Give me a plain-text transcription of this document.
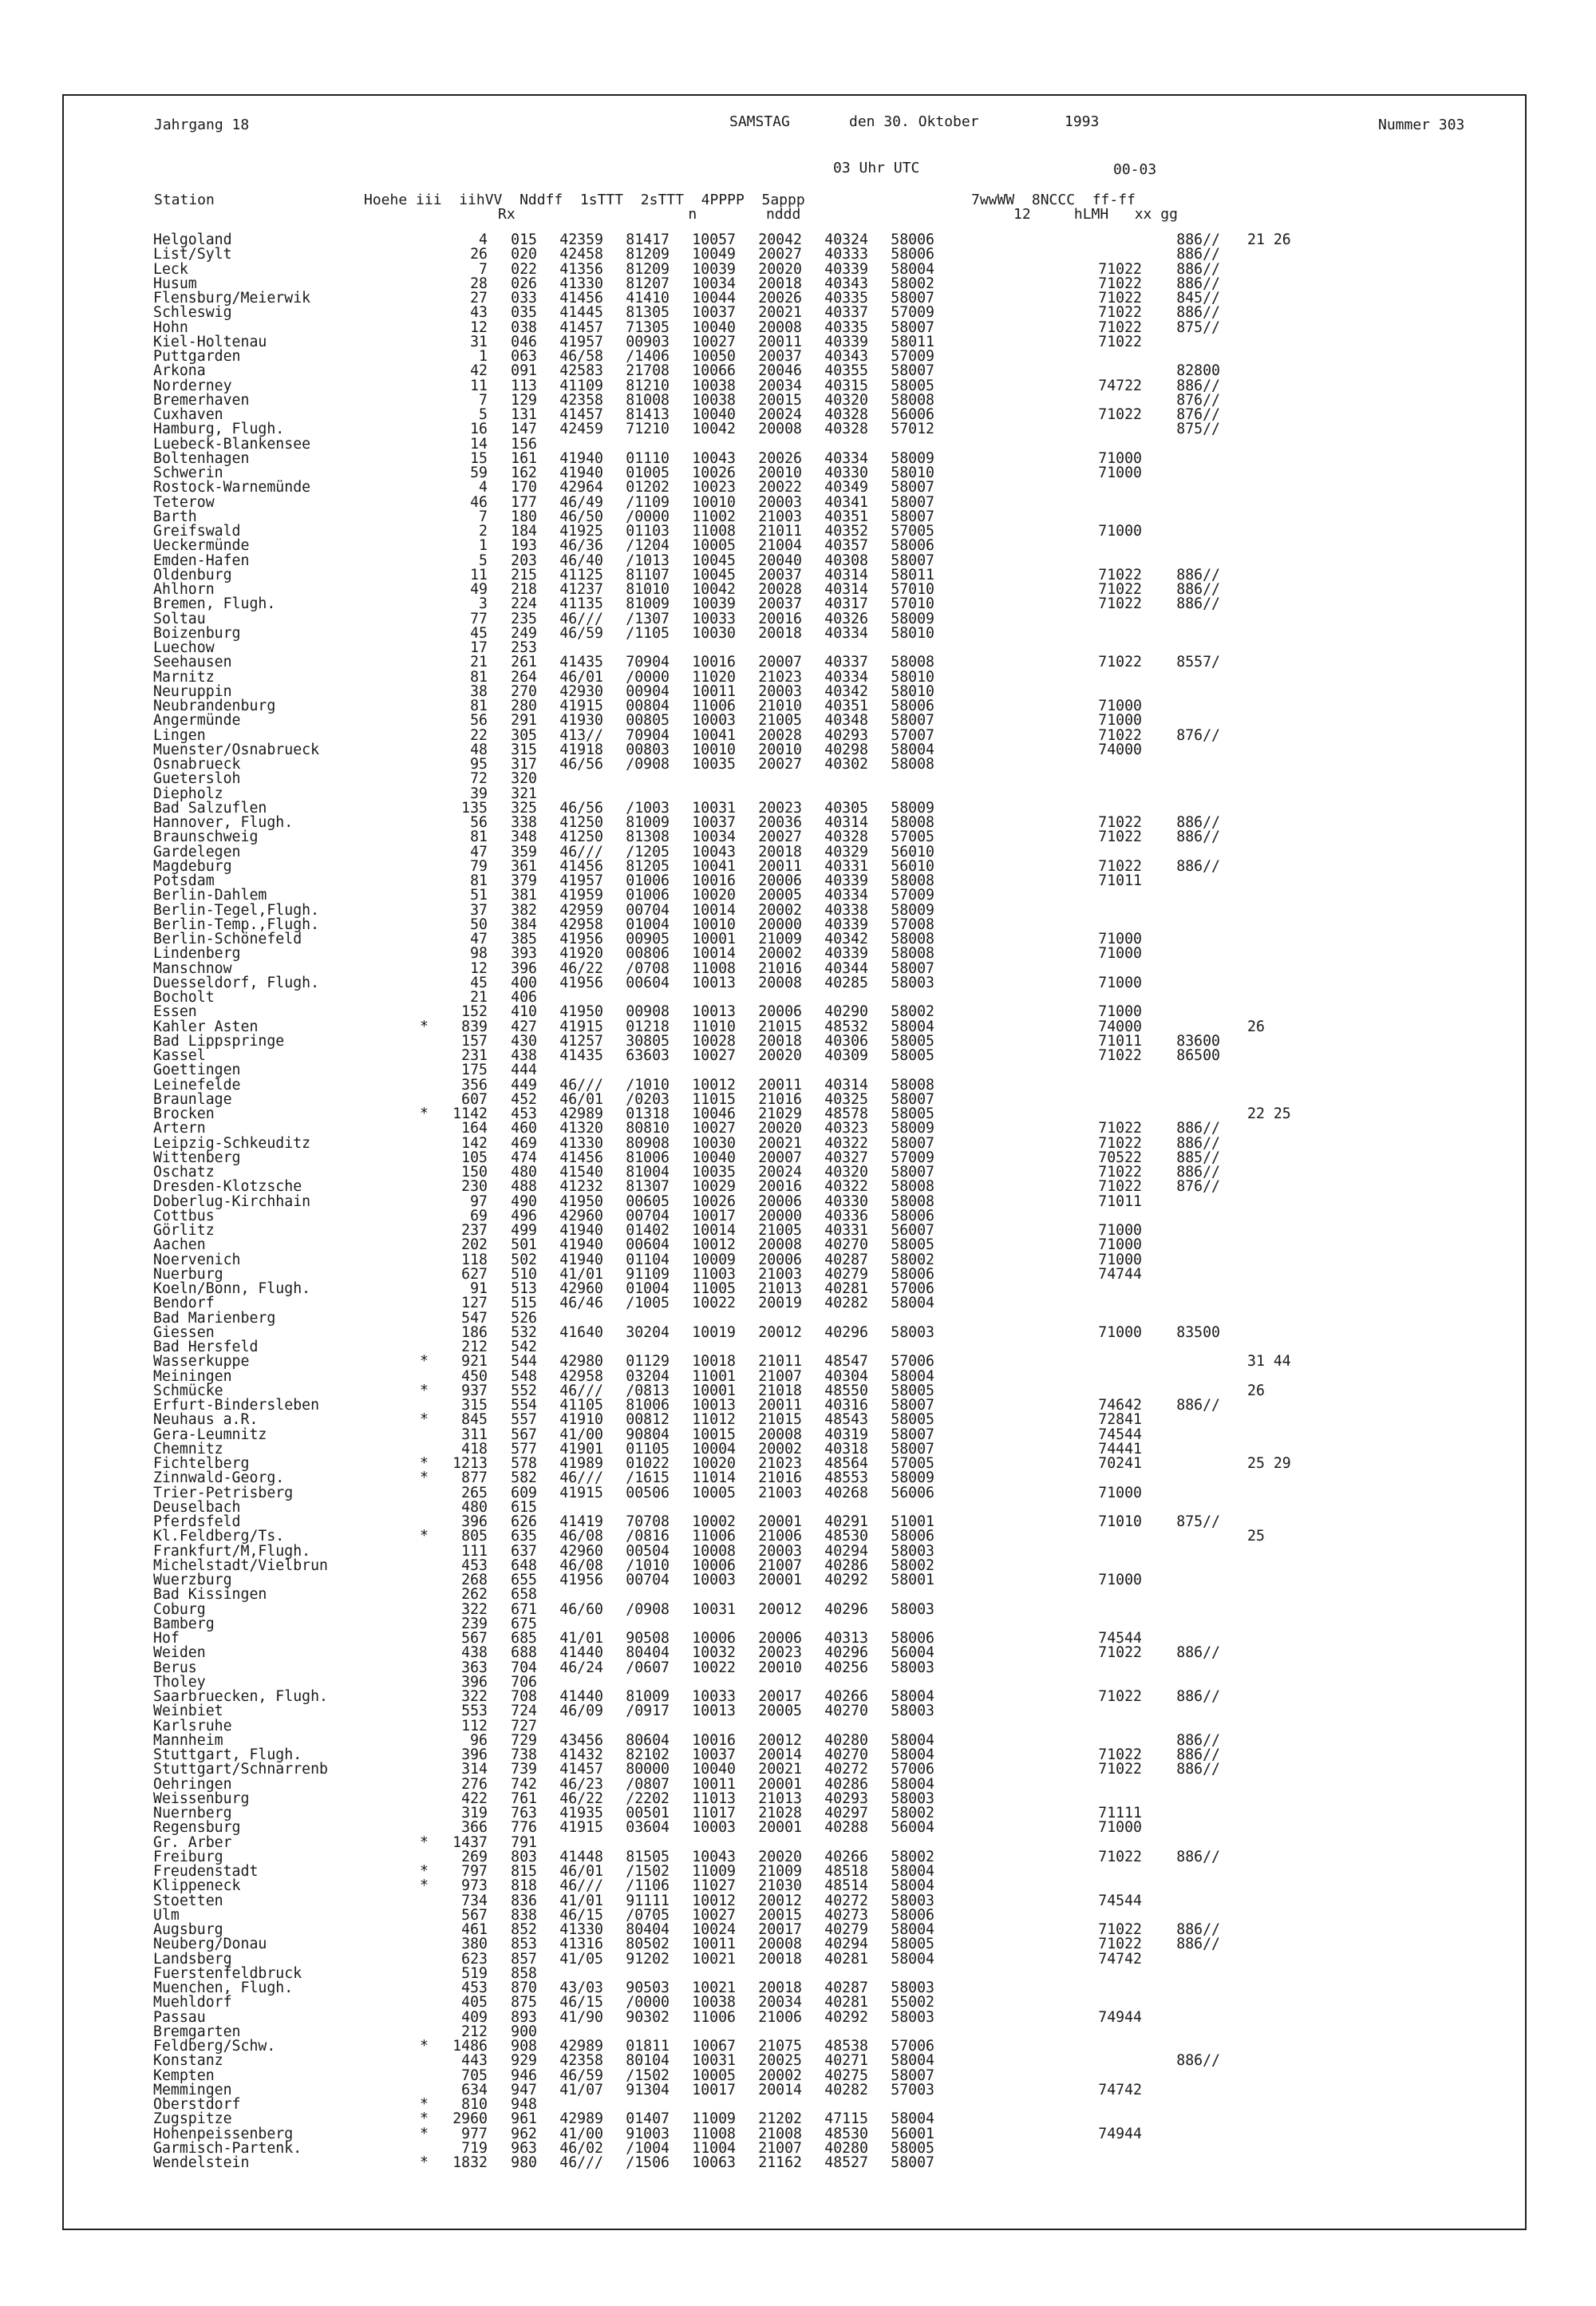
Jahrgang 18	SAMSTAG	den 30. Oktober	1993	Nummer 303
03 Uhr UTC	00-03
Station	Hoehe iii  iihVV  Nddff  1sTTT  2sTTT  4PPPP  5appp
Rx                    n        nddd
7wwWW  8NCCC  ff-ff
12     hLMH   xx gg
Helgoland		4	015	42359	81417	10057	20042	40324	58006		886//	21 26
List/Sylt		26	020	42458	81209	10049	20027	40333	58006		886//	
Leck		7	022	41356	81209	10039	20020	40339	58004	71022	886//	
Husum		28	026	41330	81207	10034	20018	40343	58002	71022	886//	
Flensburg/Meierwik		27	033	41456	41410	10044	20026	40335	58007	71022	845//	
Schleswig		43	035	41445	81305	10037	20021	40337	57009	71022	886//	
Hohn		12	038	41457	71305	10040	20008	40335	58007	71022	875//	
Kiel-Holtenau		31	046	41957	00903	10027	20011	40339	58011	71022		
Puttgarden		1	063	46/58	/1406	10050	20037	40343	57009			
Arkona		42	091	42583	21708	10066	20046	40355	58007		82800	
Norderney		11	113	41109	81210	10038	20034	40315	58005	74722	886//	
Bremerhaven		7	129	42358	81008	10038	20015	40320	58008		876//	
Cuxhaven		5	131	41457	81413	10040	20024	40328	56006	71022	876//	
Hamburg, Flugh.		16	147	42459	71210	10042	20008	40328	57012		875//	
Luebeck-Blankensee		14	156									
Boltenhagen		15	161	41940	01110	10043	20026	40334	58009	71000		
Schwerin		59	162	41940	01005	10026	20010	40330	58010	71000		
Rostock-Warnemünde		4	170	42964	01202	10023	20022	40349	58007			
Teterow		46	177	46/49	/1109	10010	20003	40341	58007			
Barth		7	180	46/50	/0000	11002	21003	40351	58007			
Greifswald		2	184	41925	01103	11008	21011	40352	57005	71000		
Ueckermünde		1	193	46/36	/1204	10005	21004	40357	58006			
Emden-Hafen		5	203	46/40	/1013	10045	20040	40308	58007			
Oldenburg		11	215	41125	81107	10045	20037	40314	58011	71022	886//	
Ahlhorn		49	218	41237	81010	10042	20028	40314	57010	71022	886//	
Bremen, Flugh.		3	224	41135	81009	10039	20037	40317	57010	71022	886//	
Soltau		77	235	46///	/1307	10033	20016	40326	58009			
Boizenburg		45	249	46/59	/1105	10030	20018	40334	58010			
Luechow		17	253									
Seehausen		21	261	41435	70904	10016	20007	40337	58008	71022	8557/	
Marnitz		81	264	46/01	/0000	11020	21023	40334	58010			
Neuruppin		38	270	42930	00904	10011	20003	40342	58010			
Neubrandenburg		81	280	41915	00804	11006	21010	40351	58006	71000		
Angermünde		56	291	41930	00805	10003	21005	40348	58007	71000		
Lingen		22	305	413//	70904	10041	20028	40293	57007	71022	876//	
Muenster/Osnabrueck		48	315	41918	00803	10010	20010	40298	58004	74000		
Osnabrueck		95	317	46/56	/0908	10035	20027	40302	58008			
Guetersloh		72	320									
Diepholz		39	321									
Bad Salzuflen		135	325	46/56	/1003	10031	20023	40305	58009			
Hannover, Flugh.		56	338	41250	81009	10037	20036	40314	58008	71022	886//	
Braunschweig		81	348	41250	81308	10034	20027	40328	57005	71022	886//	
Gardelegen		47	359	46///	/1205	10043	20018	40329	56010			
Magdeburg		79	361	41456	81205	10041	20011	40331	56010	71022	886//	
Potsdam		81	379	41957	01006	10016	20006	40339	58008	71011		
Berlin-Dahlem		51	381	41959	01006	10020	20005	40334	57009			
Berlin-Tegel,Flugh.		37	382	42959	00704	10014	20002	40338	58009			
Berlin-Temp.,Flugh.		50	384	42958	01004	10010	20000	40339	57008			
Berlin-Schönefeld		47	385	41956	00905	10001	21009	40342	58008	71000		
Lindenberg		98	393	41920	00806	10014	20002	40339	58008	71000		
Manschnow		12	396	46/22	/0708	11008	21016	40344	58007			
Duesseldorf, Flugh.		45	400	41956	00604	10013	20008	40285	58003	71000		
Bocholt		21	406									
Essen		152	410	41950	00908	10013	20006	40290	58002	71000		
Kahler Asten	*	839	427	41915	01218	11010	21015	48532	58004	74000		26
Bad Lippspringe		157	430	41257	30805	10028	20018	40306	58005	71011	83600	
Kassel		231	438	41435	63603	10027	20020	40309	58005	71022	86500	
Goettingen		175	444									
Leinefelde		356	449	46///	/1010	10012	20011	40314	58008			
Braunlage		607	452	46/01	/0203	11015	21016	40325	58007			
Brocken	*	1142	453	42989	01318	10046	21029	48578	58005			22 25
Artern		164	460	41320	80810	10027	20020	40323	58009	71022	886//	
Leipzig-Schkeuditz		142	469	41330	80908	10030	20021	40322	58007	71022	886//	
Wittenberg		105	474	41456	81006	10040	20007	40327	57009	70522	885//	
Oschatz		150	480	41540	81004	10035	20024	40320	58007	71022	886//	
Dresden-Klotzsche		230	488	41232	81307	10029	20016	40322	58008	71022	876//	
Doberlug-Kirchhain		97	490	41950	00605	10026	20006	40330	58008	71011		
Cottbus		69	496	42960	00704	10017	20000	40336	58006			
Görlitz		237	499	41940	01402	10014	21005	40331	56007	71000		
Aachen		202	501	41940	00604	10012	20008	40270	58005	71000		
Noervenich		118	502	41940	01104	10009	20006	40287	58002	71000		
Nuerburg		627	510	41/01	91109	11003	21003	40279	58006	74744		
Koeln/Bonn, Flugh.		91	513	42960	01004	11005	21013	40281	57006			
Bendorf		127	515	46/46	/1005	10022	20019	40282	58004			
Bad Marienberg		547	526									
Giessen		186	532	41640	30204	10019	20012	40296	58003	71000	83500	
Bad Hersfeld		212	542									
Wasserkuppe	*	921	544	42980	01129	10018	21011	48547	57006			31 44
Meiningen		450	548	42958	03204	11001	21007	40304	58004			
Schmücke	*	937	552	46///	/0813	10001	21018	48550	58005			26
Erfurt-Bindersleben		315	554	41105	81006	10013	20011	40316	58007	74642	886//	
Neuhaus a.R.	*	845	557	41910	00812	11012	21015	48543	58005	72841		
Gera-Leumnitz		311	567	41/00	90804	10015	20008	40319	58007	74544		
Chemnitz		418	577	41901	01105	10004	20002	40318	58007	74441		
Fichtelberg	*	1213	578	41989	01022	10020	21023	48564	57005	70241		25 29
Zinnwald-Georg.	*	877	582	46///	/1615	11014	21016	48553	58009			
Trier-Petrisberg		265	609	41915	00506	10005	21003	40268	56006	71000		
Deuselbach		480	615									
Pferdsfeld		396	626	41419	70708	10002	20001	40291	51001	71010	875//	
Kl.Feldberg/Ts.	*	805	635	46/08	/0816	11006	21006	48530	58006			25
Frankfurt/M,Flugh.		111	637	42960	00504	10008	20003	40294	58003			
Michelstadt/Vielbrun		453	648	46/08	/1010	10006	21007	40286	58002			
Wuerzburg		268	655	41956	00704	10003	20001	40292	58001	71000		
Bad Kissingen		262	658									
Coburg		322	671	46/60	/0908	10031	20012	40296	58003			
Bamberg		239	675									
Hof		567	685	41/01	90508	10006	20006	40313	58006	74544		
Weiden		438	688	41440	80404	10032	20023	40296	56004	71022	886//	
Berus		363	704	46/24	/0607	10022	20010	40256	58003			
Tholey		396	706									
Saarbruecken, Flugh.		322	708	41440	81009	10033	20017	40266	58004	71022	886//	
Weinbiet		553	724	46/09	/0917	10013	20005	40270	58003			
Karlsruhe		112	727									
Mannheim		96	729	43456	80604	10016	20012	40280	58004		886//	
Stuttgart, Flugh.		396	738	41432	82102	10037	20014	40270	58004	71022	886//	
Stuttgart/Schnarrenb		314	739	41457	80000	10040	20021	40272	57006	71022	886//	
Oehringen		276	742	46/23	/0807	10011	20001	40286	58004			
Weissenburg		422	761	46/22	/2202	11013	21013	40293	58003			
Nuernberg		319	763	41935	00501	11017	21028	40297	58002	71111		
Regensburg		366	776	41915	03604	10003	20001	40288	56004	71000		
Gr. Arber	*	1437	791									
Freiburg		269	803	41448	81505	10043	20020	40266	58002	71022	886//	
Freudenstadt	*	797	815	46/01	/1502	11009	21009	48518	58004			
Klippeneck	*	973	818	46///	/1106	11027	21030	48514	58004			
Stoetten		734	836	41/01	91111	10012	20012	40272	58003	74544		
Ulm		567	838	46/15	/0705	10027	20015	40273	58006			
Augsburg		461	852	41330	80404	10024	20017	40279	58004	71022	886//	
Neuberg/Donau		380	853	41316	80502	10011	20008	40294	58005	71022	886//	
Landsberg		623	857	41/05	91202	10021	20018	40281	58004	74742		
Fuerstenfeldbruck		519	858									
Muenchen, Flugh.		453	870	43/03	90503	10021	20018	40287	58003			
Muehldorf		405	875	46/15	/0000	10038	20034	40281	55002			
Passau		409	893	41/90	90302	11006	21006	40292	58003	74944		
Bremgarten		212	900									
Feldberg/Schw.	*	1486	908	42989	01811	10067	21075	48538	57006			
Konstanz		443	929	42358	80104	10031	20025	40271	58004		886//	
Kempten		705	946	46/59	/1502	10005	20002	40275	58007			
Memmingen		634	947	41/07	91304	10017	20014	40282	57003	74742		
Oberstdorf	*	810	948									
Zugspitze	*	2960	961	42989	01407	11009	21202	47115	58004			
Hohenpeissenberg	*	977	962	41/00	91003	11008	21008	48530	56001	74944		
Garmisch-Partenk.		719	963	46/02	/1004	11004	21007	40280	58005			
Wendelstein	*	1832	980	46///	/1506	10063	21162	48527	58007			
